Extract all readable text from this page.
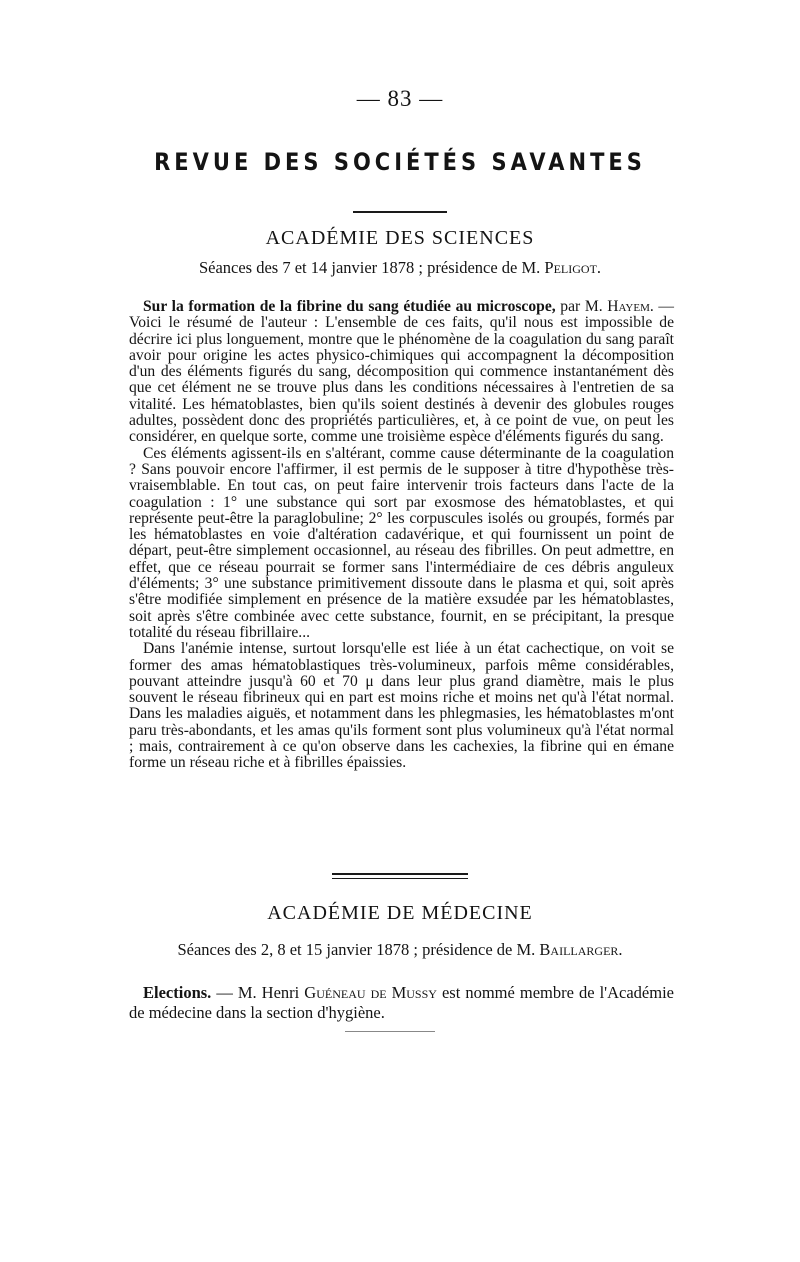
— 83 —
REVUE DES SOCIÉTÉS SAVANTES
ACADÉMIE DES SCIENCES
Séances des 7 et 14 janvier 1878 ; présidence de M. Peligot.

Sur la formation de la fibrine du sang étudiée au microscope, par M. Hayem. — Voici le résumé de l'auteur : L'ensemble de ces faits, qu'il nous est impossible de décrire ici plus longuement, montre que le phénomène de la coagulation du sang paraît avoir pour origine les actes physico-chimiques qui accompagnent la décomposition d'un des éléments figurés du sang, décomposition qui commence instantanément dès que cet élément ne se trouve plus dans les conditions nécessaires à l'entretien de sa vitalité. Les hématoblastes, bien qu'ils soient destinés à devenir des globules rouges adultes, possèdent donc des propriétés particulières, et, à ce point de vue, on peut les considérer, en quelque sorte, comme une troisième espèce d'éléments figurés du sang.

Ces éléments agissent-ils en s'altérant, comme cause déterminante de la coagulation ? Sans pouvoir encore l'affirmer, il est permis de le supposer à titre d'hypothèse très-vraisemblable. En tout cas, on peut faire intervenir trois facteurs dans l'acte de la coagulation : 1° une substance qui sort par exosmose des hématoblastes, et qui représente peut-être la paraglobuline; 2° les corpuscules isolés ou groupés, formés par les hématoblastes en voie d'altération cadavérique, et qui fournissent un point de départ, peut-être simplement occasionnel, au réseau des fibrilles. On peut admettre, en effet, que ce réseau pourrait se former sans l'intermédiaire de ces débris anguleux d'éléments; 3° une substance primitivement dissoute dans le plasma et qui, soit après s'être modifiée simplement en présence de la matière exsudée par les hématoblastes, soit après s'être combinée avec cette substance, fournit, en se précipitant, la presque totalité du réseau fibrillaire...

Dans l'anémie intense, surtout lorsqu'elle est liée à un état cachectique, on voit se former des amas hématoblastiques très-volumineux, parfois même considérables, pouvant atteindre jusqu'à 60 et 70 μ dans leur plus grand diamètre, mais le plus souvent le réseau fibrineux qui en part est moins riche et moins net qu'à l'état normal. Dans les maladies aiguës, et notamment dans les phlegmasies, les hématoblastes m'ont paru très-abondants, et les amas qu'ils forment sont plus volumineux qu'à l'état normal ; mais, contrairement à ce qu'on observe dans les cachexies, la fibrine qui en émane forme un réseau riche et à fibrilles épaissies.

ACADÉMIE DE MÉDECINE
Séances des 2, 8 et 15 janvier 1878 ; présidence de M. Baillarger.

Elections. — M. Henri Guéneau de Mussy est nommé membre de l'Académie de médecine dans la section d'hygiène.
